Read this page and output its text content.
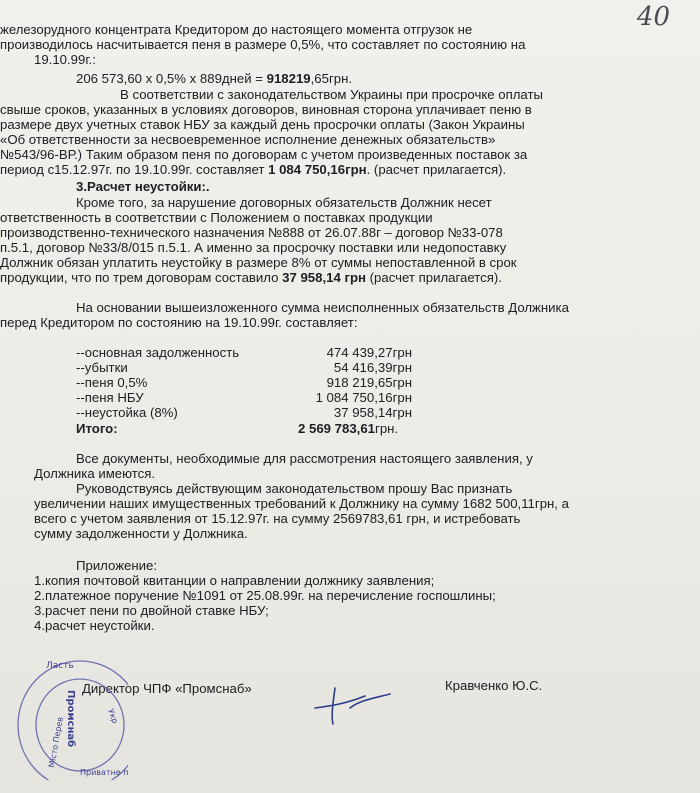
40
железорудного концентрата Кредитором до настоящего момента отгрузок не
производилось насчитывается пеня в размере 0,5%, что составляет по состоянию на
19.10.99г.:
206 573,60 х 0,5% х 889дней = 918219,65грн.
В соответствии с законодательством Украины при просрочке оплаты
свыше сроков, указанных в условиях договоров, виновная сторона уплачивает пеню в
размере двух учетных ставок НБУ за каждый день просрочки оплаты (Закон Украины
«Об ответственности за несвоевременное исполнение денежных обязательств»
№543/96-ВР.) Таким образом пеня по договорам с учетом произведенных поставок за
период с15.12.97г. по 19.10.99г. составляет 1 084 750,16грн. (расчет прилагается).
3.Расчет неустойки:.
Кроме того, за нарушение договорных обязательств Должник несет
ответственность в соответствии с Положением о поставках продукции
производственно-технического назначения №888 от 26.07.88г – договор №33-078
п.5.1, договор №33/8/015 п.5.1. А именно за просрочку поставки или недопоставку
Должник обязан уплатить неустойку в размере 8% от суммы непоставленной в срок
продукции, что по трем договорам составило 37 958,14 грн (расчет прилагается).
На основании вышеизложенного сумма неисполненных обязательств Должника
перед Кредитором по состоянию на 19.10.99г. составляет:
--основная задолженность	474 439,27грн
--убытки	54 416,39грн
--пеня 0,5%	918 219,65грн
--пеня НБУ	1 084 750,16грн
--неустойка (8%)	37 958,14грн
Итого:	2 569 783,61грн.
Все документы, необходимые для рассмотрения настоящего заявления, у
Должника имеются.
Руководствуясь действующим законодательством прошу Вас признать
увеличении наших имущественных требований к Должнику на сумму 1682 500,11грн, а
всего с учетом заявления от 15.12.97г. на сумму 2569783,61 грн, и истребовать
сумму задолженности у Должника.
Приложение:
1.копия почтовой квитанции о направлении должнику заявления;
2.платежное поручение №1091 от 25.08.99г. на перечисление госпошлины;
3.расчет пени по двойной ставке НБУ;
4.расчет неустойки.
Директор ЧПФ «Промснаб»	Кравченко Ю.С.
Ласть
Промснаб
Приватне п
Місто Перев
Укр
